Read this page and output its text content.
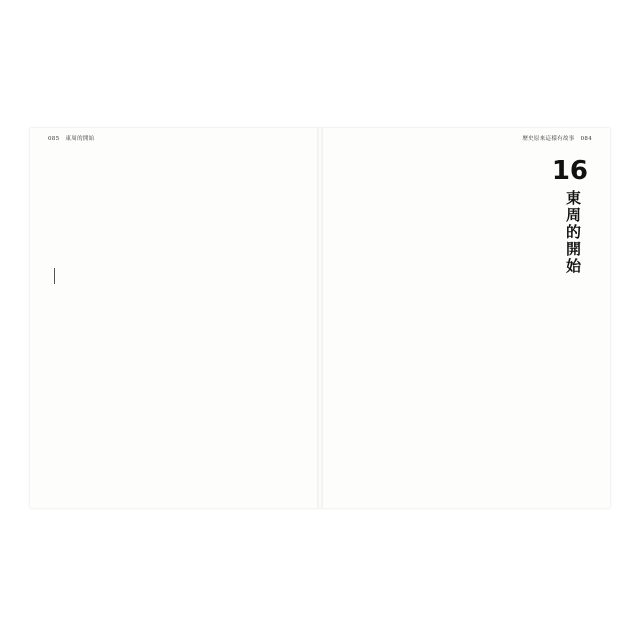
085 東周的開始	歷史原來這樣有故事 084
16
東周的開始
